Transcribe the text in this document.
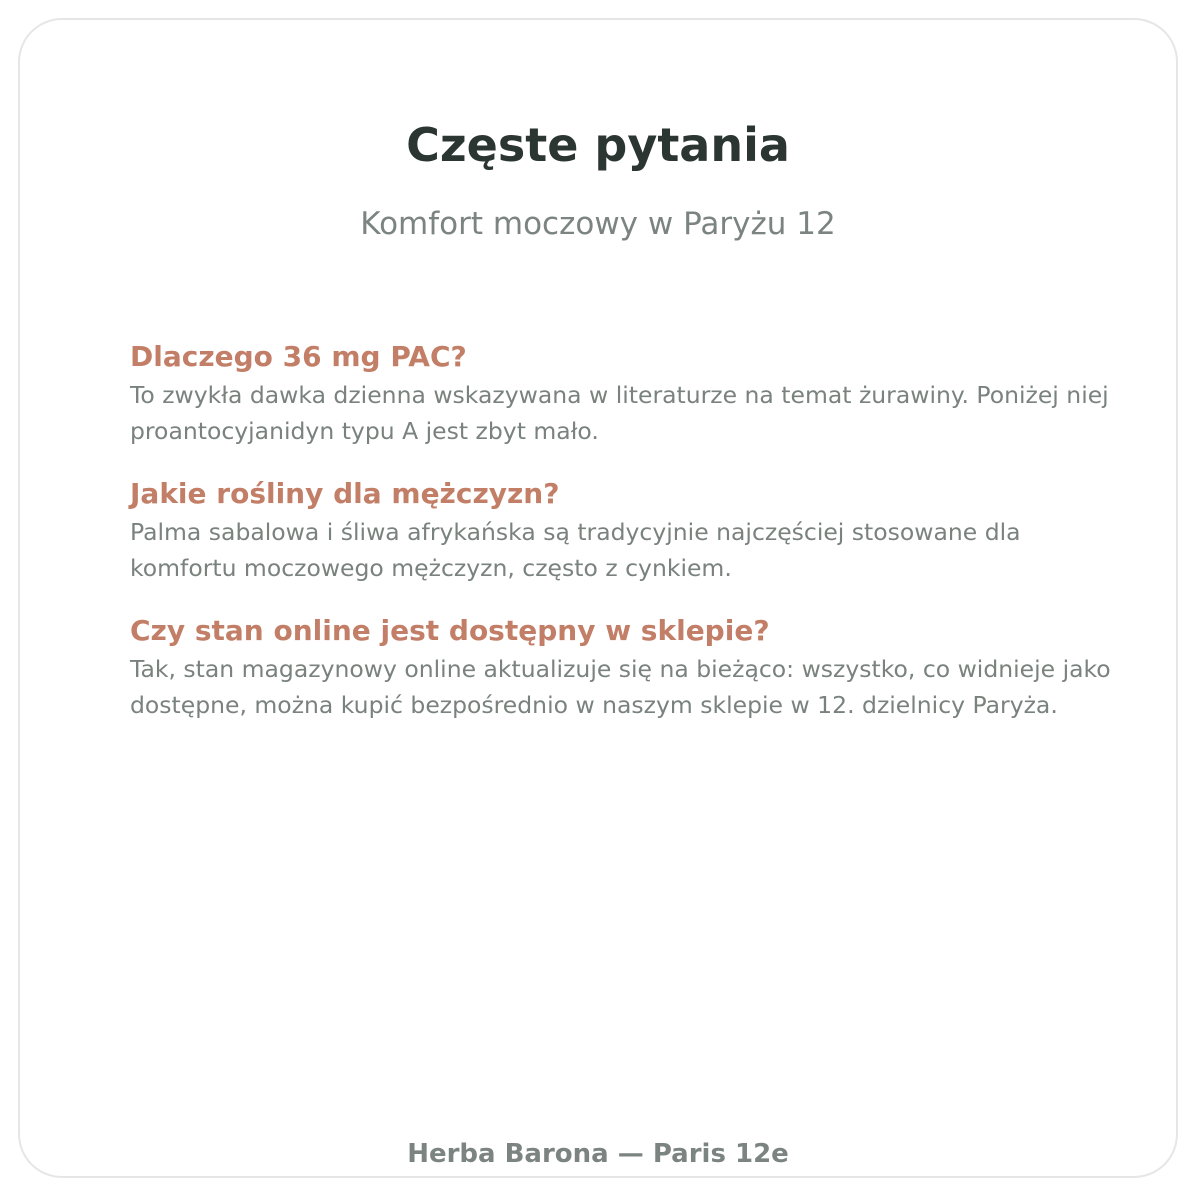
Częste pytania

Komfort moczowy w Paryżu 12

Dlaczego 36 mg PAC?

To zwykła dawka dzienna wskazywana w literaturze na temat żurawiny. Poniżej niej proantocyjanidyn typu A jest zbyt mało.

Jakie rośliny dla mężczyzn?

Palma sabalowa i śliwa afrykańska są tradycyjnie najczęściej stosowane dla komfortu moczowego mężczyzn, często z cynkiem.

Czy stan online jest dostępny w sklepie?

Tak, stan magazynowy online aktualizuje się na bieżąco: wszystko, co widnieje jako dostępne, można kupić bezpośrednio w naszym sklepie w 12. dzielnicy Paryża.

Herba Barona — Paris 12e
